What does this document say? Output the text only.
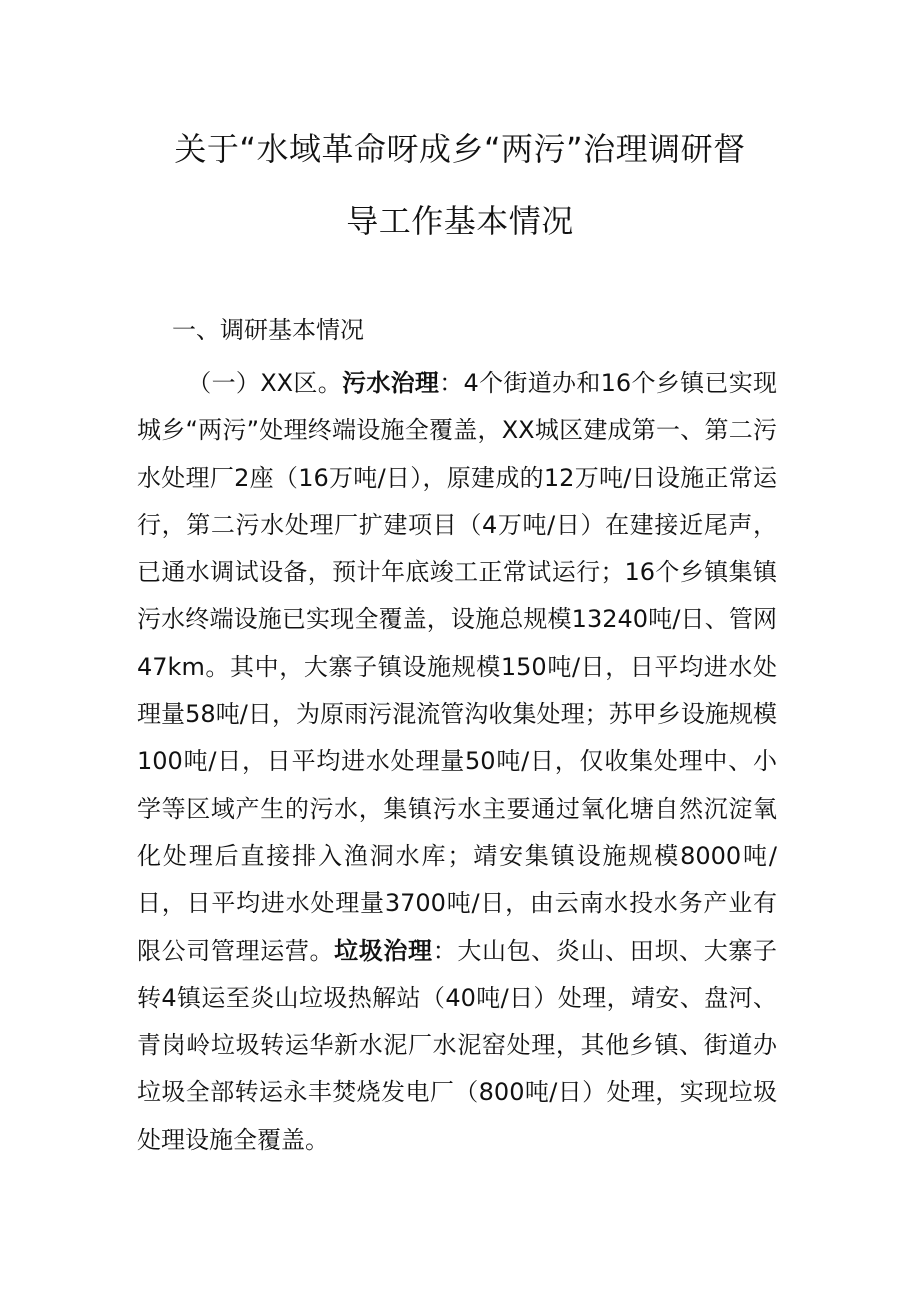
关于“水域革命呀成乡“两污”治理调研督
导工作基本情况
一、调研基本情况
（一）XX区。污水治理：4个街道办和16个乡镇已实现城乡“两污”处理终端设施全覆盖，XX城区建成第一、第二污水处理厂2座（16万吨/日），原建成的12万吨/日设施正常运行，第二污水处理厂扩建项目（4万吨/日）在建接近尾声，已通水调试设备，预计年底竣工正常试运行；16个乡镇集镇污水终端设施已实现全覆盖，设施总规模13240吨/日、管网47km。其中，大寨子镇设施规模150吨/日，日平均进水处理量58吨/日，为原雨污混流管沟收集处理；苏甲乡设施规模100吨/日，日平均进水处理量50吨/日，仅收集处理中、小学等区域产生的污水，集镇污水主要通过氧化塘自然沉淀氧化处理后直接排入渔洞水库；靖安集镇设施规模8000吨/日，日平均进水处理量3700吨/日，由云南水投水务产业有限公司管理运营。垃圾治理：大山包、炎山、田坝、大寨子转4镇运至炎山垃圾热解站（40吨/日）处理，靖安、盘河、青岗岭垃圾转运华新水泥厂水泥窑处理，其他乡镇、街道办垃圾全部转运永丰焚烧发电厂（800吨/日）处理，实现垃圾处理设施全覆盖。
